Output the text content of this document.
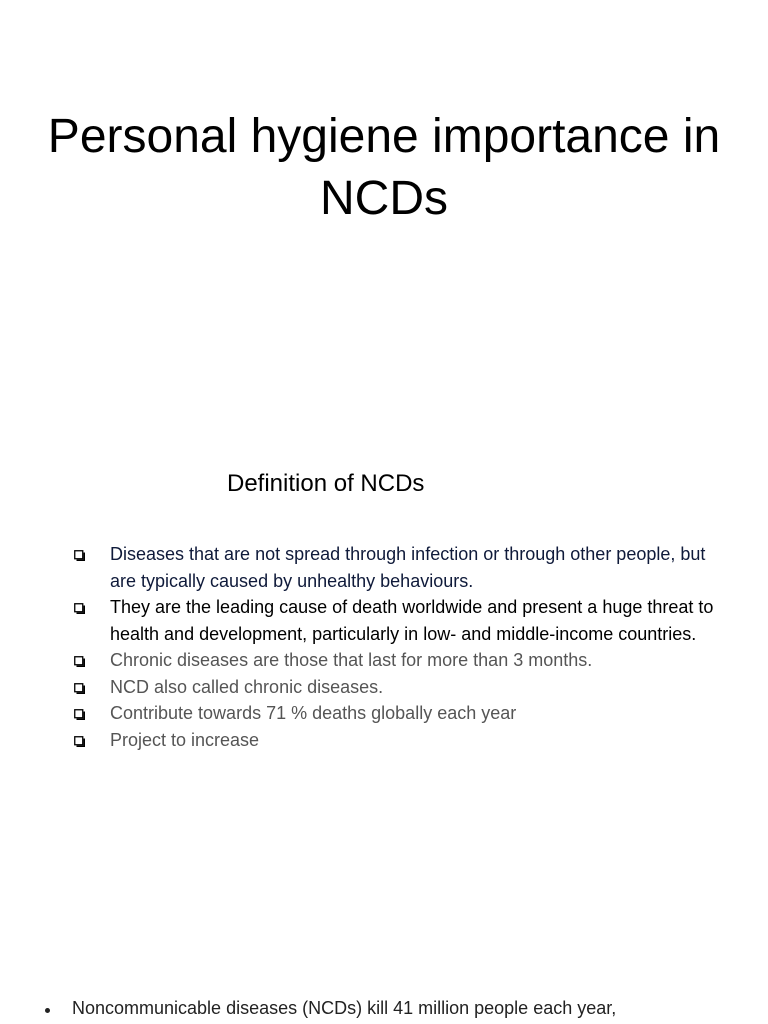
Personal hygiene importance in NCDs
Definition of NCDs
Diseases that are not spread through infection or through other people, but are typically caused by unhealthy behaviours.
They are the leading cause of death worldwide and present a huge threat to health and development, particularly in low- and middle-income countries.
Chronic diseases are those that last for more than 3 months.
NCD also called chronic diseases.
Contribute towards 71 % deaths globally each year
Project to increase
Noncommunicable diseases (NCDs) kill 41 million people each year,
